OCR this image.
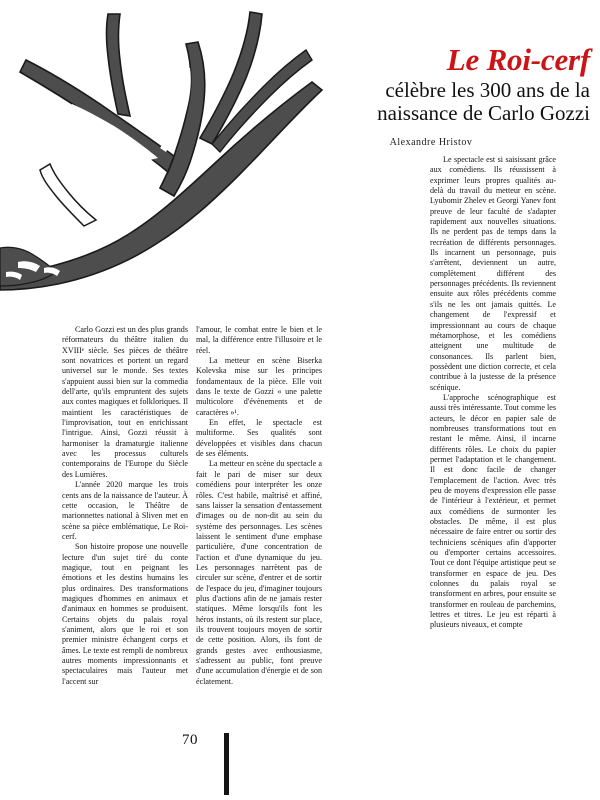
Le Roi-cerf
célèbre les 300 ans de la
naissance de Carlo Gozzi
Alexandre Hristov

Carlo Gozzi est un des plus grands réformateurs du théâtre italien du XVIIIᵉ siècle. Ses pièces de théâtre sont novatrices et portent un regard universel sur le monde. Ses textes s'appuient aussi bien sur la commedia dell'arte, qu'ils empruntent des sujets aux contes magiques et folkloriques. Il maintient les caractéristiques de l'improvisation, tout en enrichissant l'intrigue. Ainsi, Gozzi réussit à harmoniser la dramaturgie italienne avec les processus culturels contemporains de l'Europe du Siècle des Lumières.

L'année 2020 marque les trois cents ans de la naissance de l'auteur. À cette occasion, le Théâtre de marionnettes national à Sliven met en scène sa pièce emblématique, Le Roi-cerf.

Son histoire propose une nouvelle lecture d'un sujet tiré du conte magique, tout en peignant les émotions et les destins humains les plus ordinaires. Des transformations magiques d'hommes en animaux et d'animaux en hommes se produisent. Certains objets du palais royal s'animent, alors que le roi et son premier ministre échangent corps et âmes. Le texte est rempli de nombreux autres moments impressionnants et spectaculaires mais l'auteur met l'accent sur

l'amour, le combat entre le bien et le mal, la différence entre l'illusoire et le réel.

La metteur en scène Biserka Kolevska mise sur les principes fondamentaux de la pièce. Elle voit dans le texte de Gozzi « une palette multicolore d'évènements et de caractères »¹.

En effet, le spectacle est multiforme. Ses qualités sont développées et visibles dans chacun de ses éléments.

La metteur en scène du spectacle a fait le pari de miser sur deux comédiens pour interpréter les onze rôles. C'est habile, maîtrisé et affiné, sans laisser la sensation d'entassement d'images ou de non-dit au sein du système des personnages. Les scènes laissent le sentiment d'une emphase particulière, d'une concentration de l'action et d'une dynamique du jeu. Les personnages narrètent pas de circuler sur scène, d'entrer et de sortir de l'espace du jeu, d'imaginer toujours plus d'actions afin de ne jamais rester statiques. Même lorsqu'ils font les héros instants, où ils restent sur place, ils trouvent toujours moyen de sortir de cette position. Alors, ils font de grands gestes avec enthousiasme, s'adressent au public, font preuve d'une accumulation d'énergie et de son éclatement.

Le spectacle est si saisissant grâce aux comédiens. Ils réussissent à exprimer leurs propres qualités au-delà du travail du metteur en scène. Lyubomir Zhelev et Georgi Yanev font preuve de leur faculté de s'adapter rapidement aux nouvelles situations. Ils ne perdent pas de temps dans la recréation de différents personnages. Ils incarnent un personnage, puis s'arrêtent, deviennent un autre, complètement différent des personnages précédents. Ils reviennent ensuite aux rôles précédents comme s'ils ne les ont jamais quittés. Le changement de l'expressif et impressionnant au cours de chaque métamorphose, et les comédiens atteignent une multitude de consonances. Ils parlent bien, possèdent une diction correcte, et cela contribue à la justesse de la présence scénique.

L'approche scénographique est aussi très intéressante. Tout comme les acteurs, le décor en papier sale de nombreuses transformations tout en restant le même. Ainsi, il incarne différents rôles. Le choix du papier permet l'adaptation et le changement. Il est donc facile de changer l'emplacement de l'action. Avec très peu de moyens d'expression elle passe de l'intérieur à l'extérieur, et permet aux comédiens de surmonter les obstacles. De même, il est plus nécessaire de faire entrer ou sortir des techniciens scéniques afin d'apporter ou d'emporter certains accessoires. Tout ce dont l'équipe artistique peut se transformer en espace de jeu. Des colonnes du palais royal se transforment en arbres, pour ensuite se transformer en rouleau de parchemins, lettres et titres. Le jeu est réparti à plusieurs niveaux, et compte

70
